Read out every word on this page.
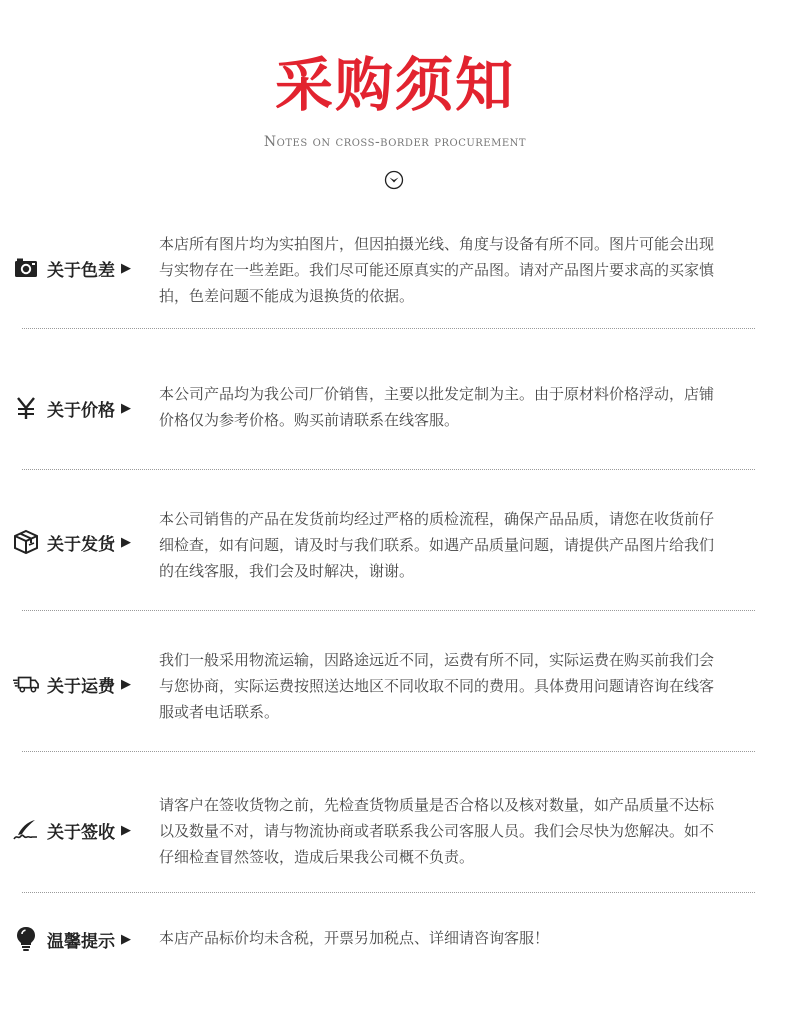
采购须知
Notes on cross-border procurement
关于色差 ▶
本店所有图片均为实拍图片，但因拍摄光线、角度与设备有所不同。图片可能会出现与实物存在一些差距。我们尽可能还原真实的产品图。请对产品图片要求高的买家慎拍，色差问题不能成为退换货的依据。
关于价格 ▶
本公司产品均为我公司厂价销售，主要以批发定制为主。由于原材料价格浮动，店铺价格仅为参考价格。购买前请联系在线客服。
关于发货 ▶
本公司销售的产品在发货前均经过严格的质检流程，确保产品品质，请您在收货前仔细检查，如有问题，请及时与我们联系。如遇产品质量问题，请提供产品图片给我们的在线客服，我们会及时解决，谢谢。
关于运费 ▶
我们一般采用物流运输，因路途远近不同，运费有所不同，实际运费在购买前我们会与您协商，实际运费按照送达地区不同收取不同的费用。具体费用问题请咨询在线客服或者电话联系。
关于签收 ▶
请客户在签收货物之前，先检查货物质量是否合格以及核对数量，如产品质量不达标以及数量不对，请与物流协商或者联系我公司客服人员。我们会尽快为您解决。如不仔细检查冒然签收，造成后果我公司概不负责。
温馨提示 ▶ 本店产品标价均未含税，开票另加税点、详细请咨询客服！
